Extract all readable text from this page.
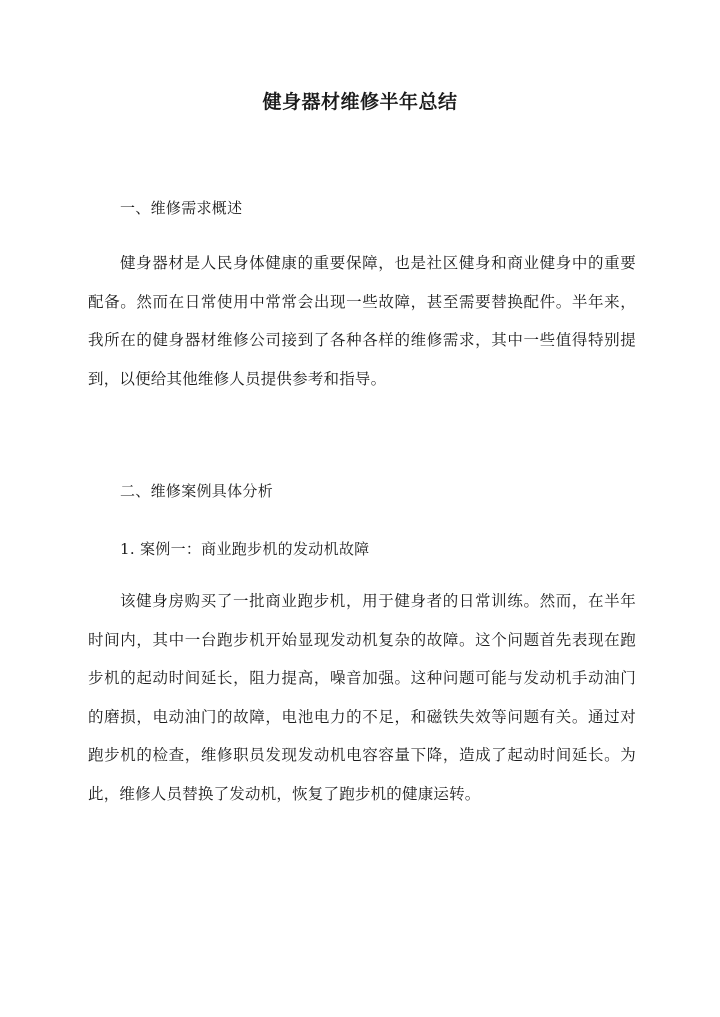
健身器材维修半年总结
一、维修需求概述

健身器材是人民身体健康的重要保障，也是社区健身和商业健身中的重要配备。然而在日常使用中常常会出现一些故障，甚至需要替换配件。半年来，我所在的健身器材维修公司接到了各种各样的维修需求，其中一些值得特别提到，以便给其他维修人员提供参考和指导。

二、维修案例具体分析
1. 案例一：商业跑步机的发动机故障

该健身房购买了一批商业跑步机，用于健身者的日常训练。然而，在半年时间内，其中一台跑步机开始显现发动机复杂的故障。这个问题首先表现在跑步机的起动时间延长，阻力提高，噪音加强。这种问题可能与发动机手动油门的磨损，电动油门的故障，电池电力的不足，和磁铁失效等问题有关。通过对跑步机的检查，维修职员发现发动机电容容量下降，造成了起动时间延长。为此，维修人员替换了发动机，恢复了跑步机的健康运转。
